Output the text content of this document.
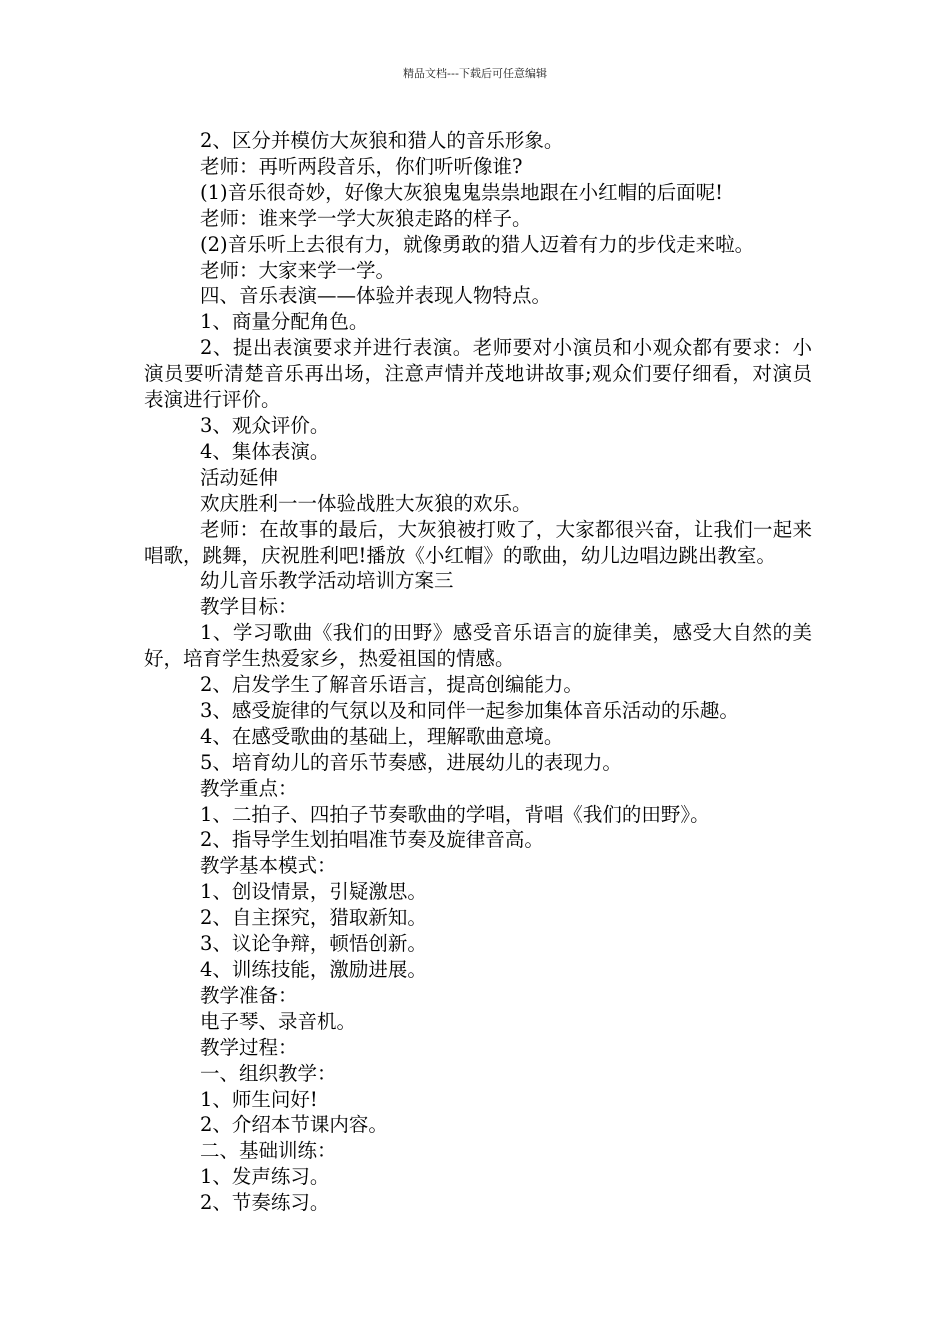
精品文档---下载后可任意编辑

2、区分并模仿大灰狼和猎人的音乐形象。

老师：再听两段音乐，你们听听像谁?

(1)音乐很奇妙，好像大灰狼鬼鬼祟祟地跟在小红帽的后面呢!

老师：谁来学一学大灰狼走路的样子。

(2)音乐听上去很有力，就像勇敢的猎人迈着有力的步伐走来啦。

老师：大家来学一学。

四、音乐表演——体验并表现人物特点。

1、商量分配角色。

2、提出表演要求并进行表演。老师要对小演员和小观众都有要求：小演员要听清楚音乐再出场，注意声情并茂地讲故事;观众们要仔细看，对演员表演进行评价。

3、观众评价。

4、集体表演。

活动延伸

欢庆胜利一一体验战胜大灰狼的欢乐。

老师：在故事的最后，大灰狼被打败了，大家都很兴奋，让我们一起来唱歌，跳舞，庆祝胜利吧!播放《小红帽》的歌曲，幼儿边唱边跳出教室。

幼儿音乐教学活动培训方案三

教学目标：

1、学习歌曲《我们的田野》感受音乐语言的旋律美，感受大自然的美好，培育学生热爱家乡，热爱祖国的情感。

2、启发学生了解音乐语言，提高创编能力。

3、感受旋律的气氛以及和同伴一起参加集体音乐活动的乐趣。

4、在感受歌曲的基础上，理解歌曲意境。

5、培育幼儿的音乐节奏感，进展幼儿的表现力。

教学重点：

1、二拍子、四拍子节奏歌曲的学唱，背唱《我们的田野》。

2、指导学生划拍唱准节奏及旋律音高。

教学基本模式：

1、创设情景，引疑激思。

2、自主探究，猎取新知。

3、议论争辩，顿悟创新。

4、训练技能，激励进展。

教学准备：

电子琴、录音机。

教学过程：

一、组织教学：

1、师生问好!

2、介绍本节课内容。

二、基础训练：

1、发声练习。

2、节奏练习。
